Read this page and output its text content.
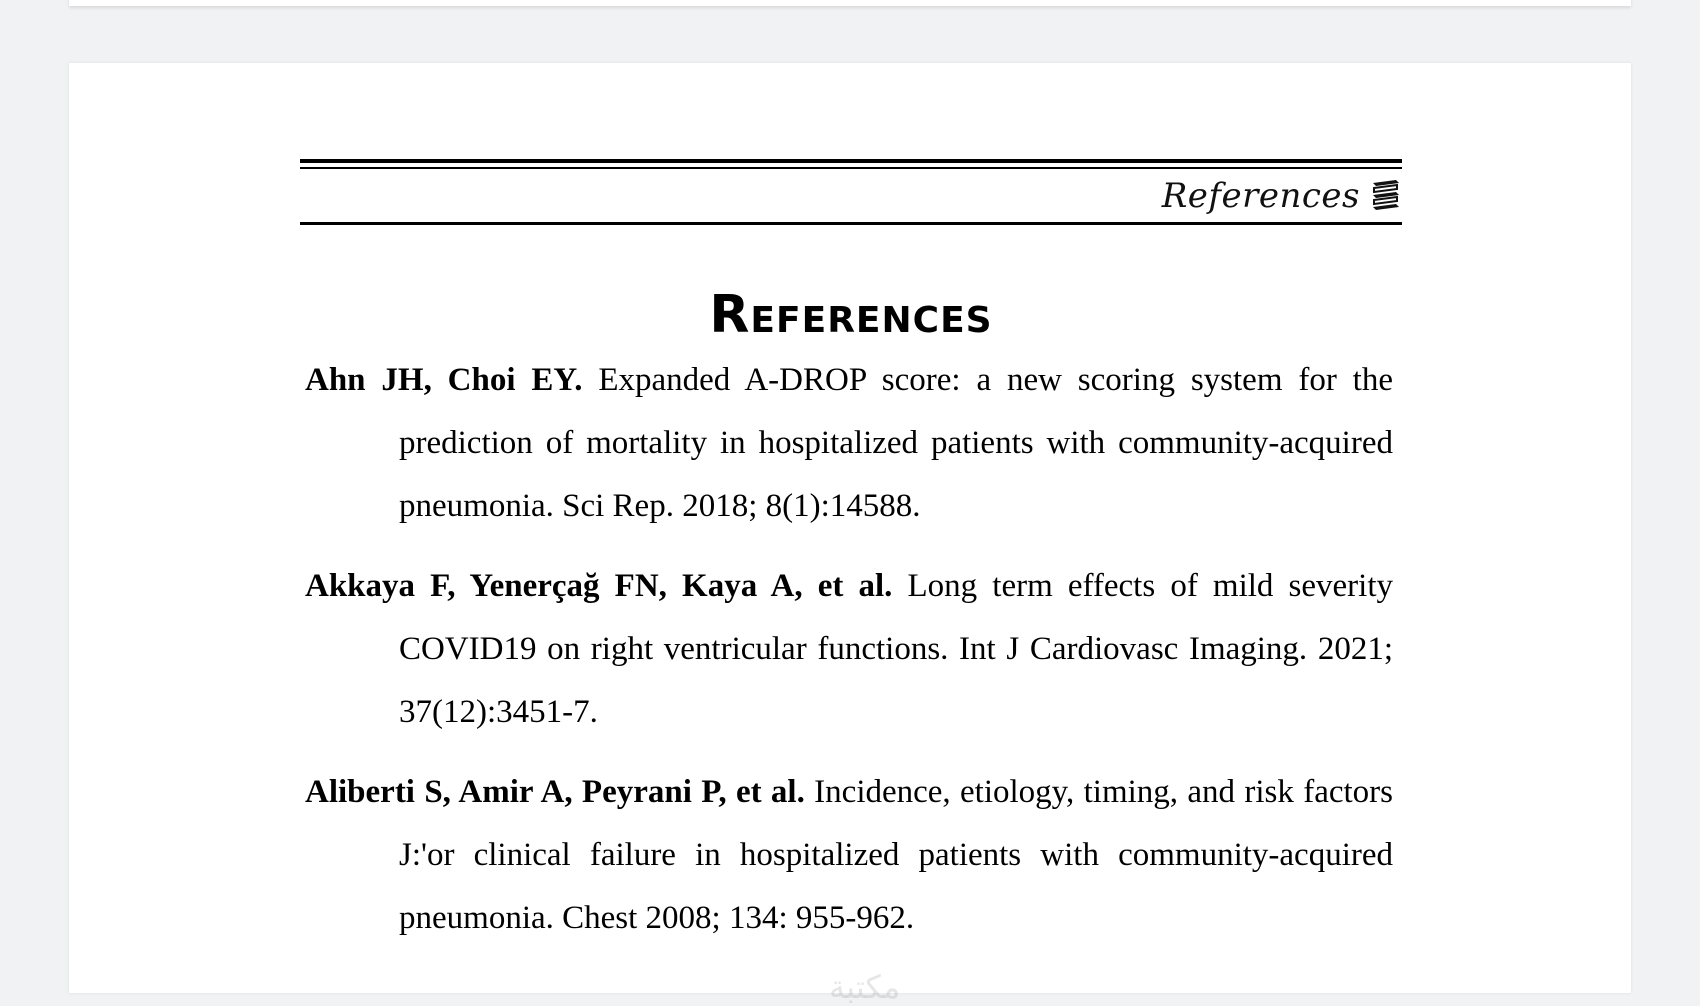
References
References

Ahn JH, Choi EY. Expanded A-DROP score: a new scoring system for the prediction of mortality in hospitalized patients with community-acquired pneumonia. Sci Rep. 2018; 8(1):14588.

Akkaya F, Yenerçağ FN, Kaya A, et al. Long term effects of mild severity COVID19 on right ventricular functions. Int J Cardiovasc Imaging. 2021; 37(12):3451-7.

Aliberti S, Amir A, Peyrani P, et al. Incidence, etiology, timing, and risk factors J:'or clinical failure in hospitalized patients with community-acquired pneumonia. Chest 2008; 134: 955-962.

مكتبة
